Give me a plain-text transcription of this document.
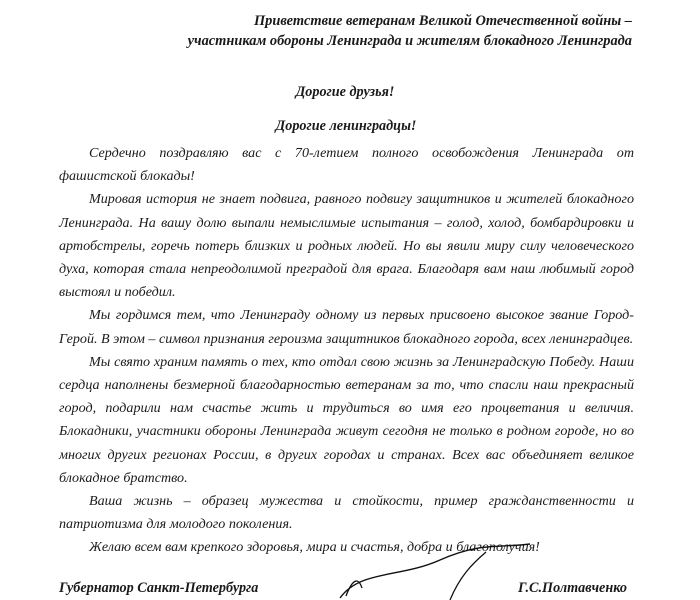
Приветствие ветеранам Великой Отечественной войны –
участникам обороны Ленинграда и жителям блокадного Ленинграда
Дорогие друзья!
Дорогие ленинградцы!

Сердечно поздравляю вас с 70-летием полного освобождения Ленинграда от фашистской блокады!

Мировая история не знает подвига, равного подвигу защитников и жителей блокадного Ленинграда. На вашу долю выпали немыслимые испытания – голод, холод, бомбардировки и артобстрелы, горечь потерь близких и родных людей. Но вы явили миру силу человеческого духа, которая стала непреодолимой преградой для врага. Благодаря вам наш любимый город выстоял и победил.

Мы гордимся тем, что Ленинграду одному из первых присвоено высокое звание Город-Герой. В этом – символ признания героизма защитников блокадного города, всех ленинградцев.

Мы свято храним память о тех, кто отдал свою жизнь за Ленинградскую Победу. Наши сердца наполнены безмерной благодарностью ветеранам за то, что спасли наш прекрасный город, подарили нам счастье жить и трудиться во имя его процветания и величия. Блокадники, участники обороны Ленинграда живут сегодня не только в родном городе, но во многих других регионах России, в других городах и странах. Всех вас объединяет великое блокадное братство.

Ваша жизнь – образец мужества и стойкости, пример гражданственности и патриотизма для молодого поколения.

Желаю всем вам крепкого здоровья, мира и счастья, добра и благополучия!

Губернатор Санкт-Петербурга	Г.С.Полтавченко
